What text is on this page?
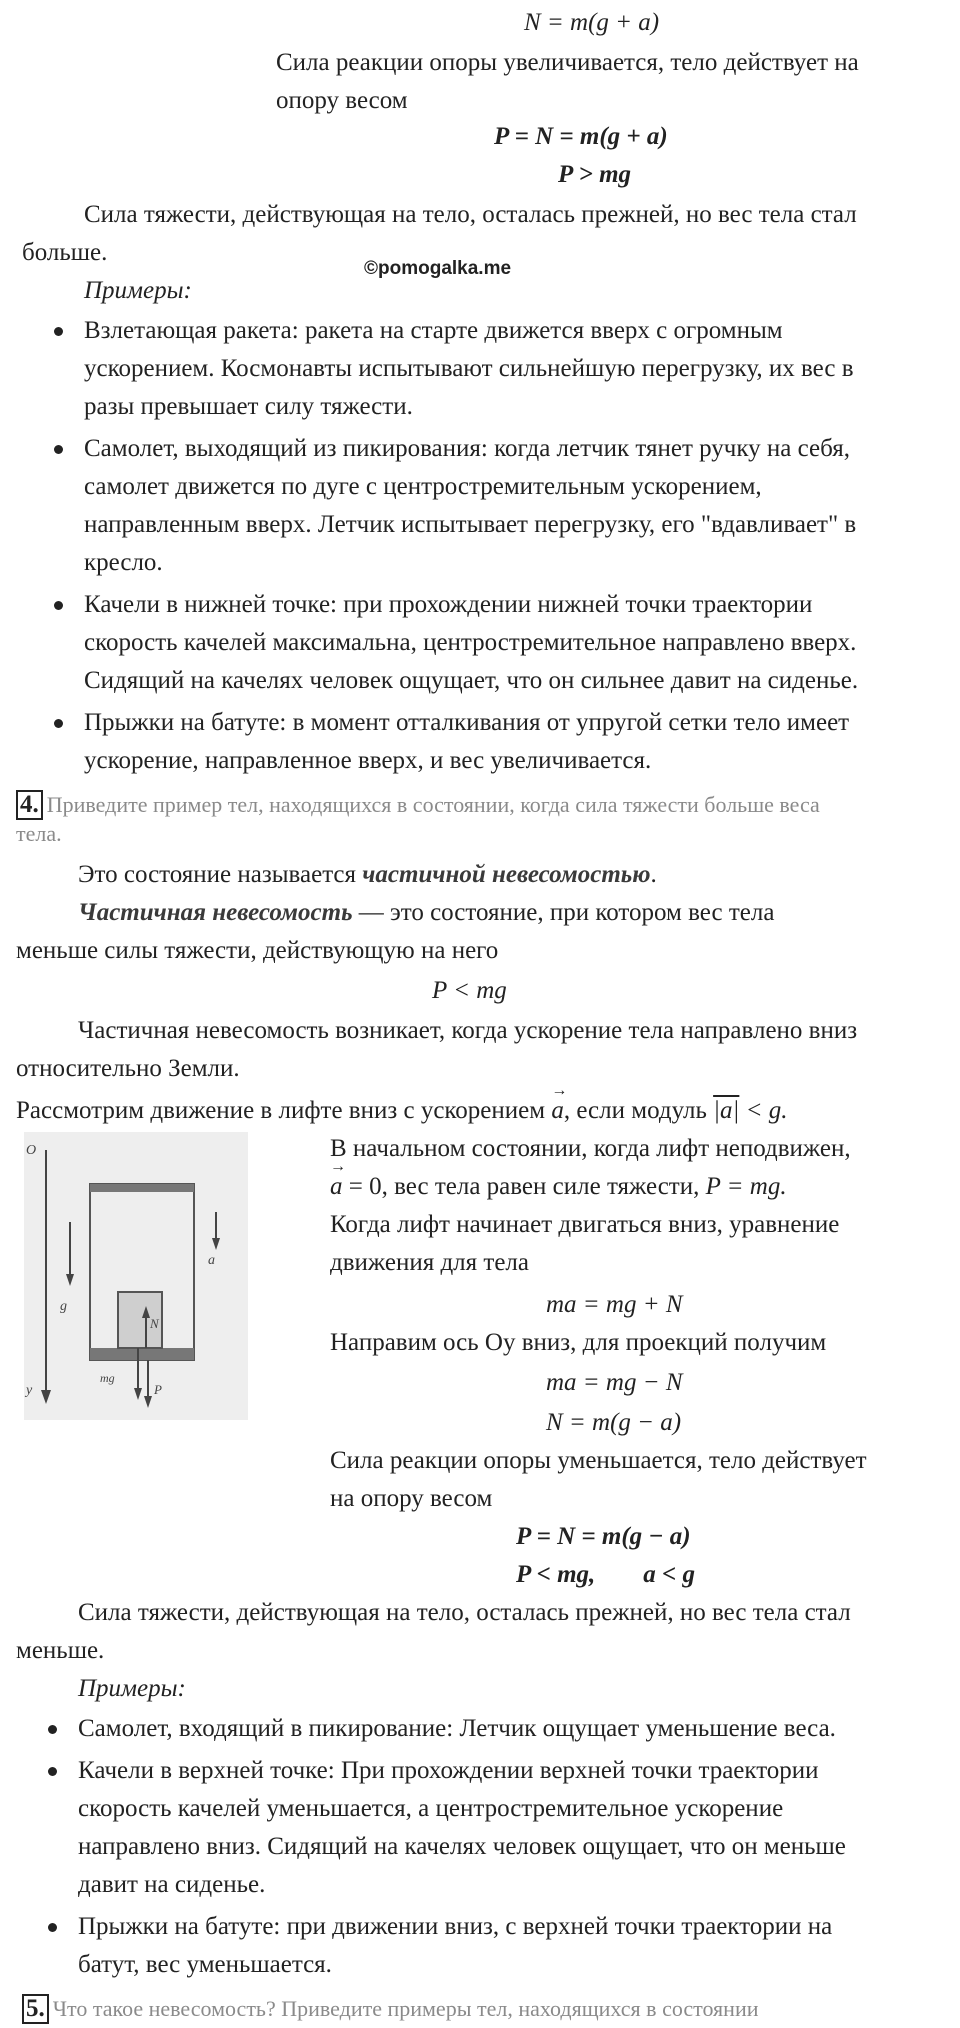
N = m(g + a)
Сила реакции опоры увеличивается, тело действует на
опору весом
P = N = m(g + a)
P > mg
Сила тяжести, действующая на тело, осталась прежней, но вес тела стал
больше.
©pomogalka.me
Примеры:
Взлетающая ракета: ракета на старте движется вверх с огромным
ускорением. Космонавты испытывают сильнейшую перегрузку, их вес в
разы превышает силу тяжести.
Самолет, выходящий из пикирования: когда летчик тянет ручку на себя,
самолет движется по дуге с центростремительным ускорением,
направленным вверх. Летчик испытывает перегрузку, его "вдавливает" в
кресло.
Качели в нижней точке: при прохождении нижней точки траектории
скорость качелей максимальна, центростремительное направлено вверх.
Сидящий на качелях человек ощущает, что он сильнее давит на сиденье.
Прыжки на батуте: в момент отталкивания от упругой сетки тело имеет
ускорение, направленное вверх, и вес увеличивается.
4. Приведите пример тел, находящихся в состоянии, когда сила тяжести больше веса
тела.
Это состояние называется частичной невесомостью.
Частичная невесомость — это состояние, при котором вес тела
меньше силы тяжести, действующую на него
P < mg
Частичная невесомость возникает, когда ускорение тела направлено вниз
относительно Земли.
Рассмотрим движение в лифте вниз с ускорением → a, если модуль |a| < g.
O
y
g
a
N
mg
P
В начальном состоянии, когда лифт неподвижен,
→ a = 0, вес тела равен силе тяжести, P = mg.
Когда лифт начинает двигаться вниз, уравнение
движения для тела
ma = mg + N
Направим ось Оу вниз, для проекций получим
ma = mg − N
N = m(g − a)
Сила реакции опоры уменьшается, тело действует
на опору весом
P = N = m(g − a)
P < mg, a < g
Сила тяжести, действующая на тело, осталась прежней, но вес тела стал
меньше.
Примеры:
Самолет, входящий в пикирование: Летчик ощущает уменьшение веса.
Качели в верхней точке: При прохождении верхней точки траектории
скорость качелей уменьшается, а центростремительное ускорение
направлено вниз. Сидящий на качелях человек ощущает, что он меньше
давит на сиденье.
Прыжки на батуте: при движении вниз, с верхней точки траектории на
батут, вес уменьшается.
5. Что такое невесомость? Приведите примеры тел, находящихся в состоянии
